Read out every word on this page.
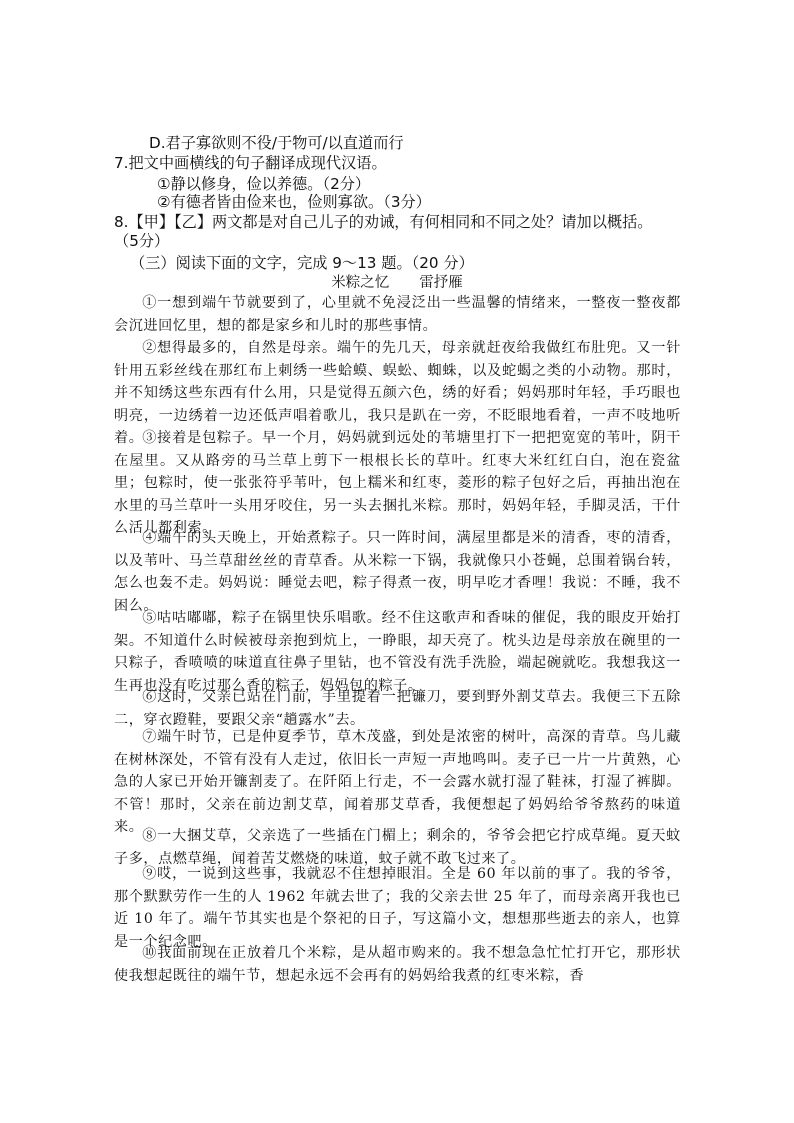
D.君子寡欲则不役/于物可/以直道而行
7.把文中画横线的句子翻译成现代汉语。
①静以修身，俭以养德。（2分）
②有德者皆由俭来也，俭则寡欲。（3分）
8.【甲】【乙】两文都是对自己儿子的劝诫，有何相同和不同之处？请加以概括。
（5分）
（三）阅读下面的文字，完成 9～13 题。（20 分）
米粽之忆 雷抒雁
①一想到端午节就要到了，心里就不免浸泛出一些温馨的情绪来，一整夜一整夜都会沉进回忆里，想的都是家乡和儿时的那些事情。
②想得最多的，自然是母亲。端午的先几天，母亲就赶夜给我做红布肚兜。又一针针用五彩丝线在那红布上刺绣一些蛤蟆、蜈蚣、蜘蛛，以及蛇蝎之类的小动物。那时，并不知绣这些东西有什么用，只是觉得五颜六色，绣的好看；妈妈那时年轻，手巧眼也明亮，一边绣着一边还低声唱着歌儿，我只是趴在一旁，不眨眼地看着，一声不吱地听着。
③接着是包粽子。早一个月，妈妈就到远处的苇塘里打下一把把宽宽的苇叶，阴干在屋里。又从路旁的马兰草上剪下一根根长长的草叶。红枣大米红红白白，泡在瓷盆里；包粽时，使一张张符乎苇叶，包上糯米和红枣，菱形的粽子包好之后，再抽出泡在水里的马兰草叶一头用牙咬住，另一头去捆扎米粽。那时，妈妈年轻，手脚灵活，干什么活儿都利索。
④端午的头天晚上，开始煮粽子。只一阵时间，满屋里都是米的清香，枣的清香，以及苇叶、马兰草甜丝丝的青草香。从米粽一下锅，我就像只小苍蝇，总围着锅台转，怎么也轰不走。妈妈说：睡觉去吧，粽子得煮一夜，明早吃才香哩！我说：不睡，我不困么。
⑤咕咕嘟嘟，粽子在锅里快乐唱歌。经不住这歌声和香味的催促，我的眼皮开始打架。不知道什么时候被母亲抱到炕上，一睁眼，却天亮了。枕头边是母亲放在碗里的一只粽子，香喷喷的味道直往鼻子里钻，也不管没有洗手洗脸，端起碗就吃。我想我这一生再也没有吃过那么香的粽子，妈妈包的粽子。
⑥这时，父亲已站在门前，手里提着一把镰刀，要到野外割艾草去。我便三下五除二，穿衣蹬鞋，要跟父亲“趟露水”去。
⑦端午时节，已是仲夏季节，草木茂盛，到处是浓密的树叶，高深的青草。鸟儿藏在树林深处，不管有没有人走过，依旧长一声短一声地鸣叫。麦子已一片一片黄熟，心急的人家已开始开镰割麦了。在阡陌上行走，不一会露水就打湿了鞋袜，打湿了裤脚。不管！那时，父亲在前边割艾草，闻着那艾草香，我便想起了妈妈给爷爷熬药的味道来。
⑧一大捆艾草，父亲选了一些插在门楣上；剩余的，爷爷会把它拧成草绳。夏天蚊子多，点燃草绳，闻着苦艾燃烧的味道，蚊子就不敢飞过来了。
⑨哎，一说到这些事，我就忍不住想掉眼泪。全是 60 年以前的事了。我的爷爷，那个默默劳作一生的人 1962 年就去世了；我的父亲去世 25 年了，而母亲离开我也已近 10 年了。端午节其实也是个祭祀的日子，写这篇小文，想想那些逝去的亲人，也算是一个纪念吧。
⑩我面前现在正放着几个米粽，是从超市购来的。我不想急急忙忙打开它，那形状使我想起既往的端午节，想起永远不会再有的妈妈给我煮的红枣米粽，香
